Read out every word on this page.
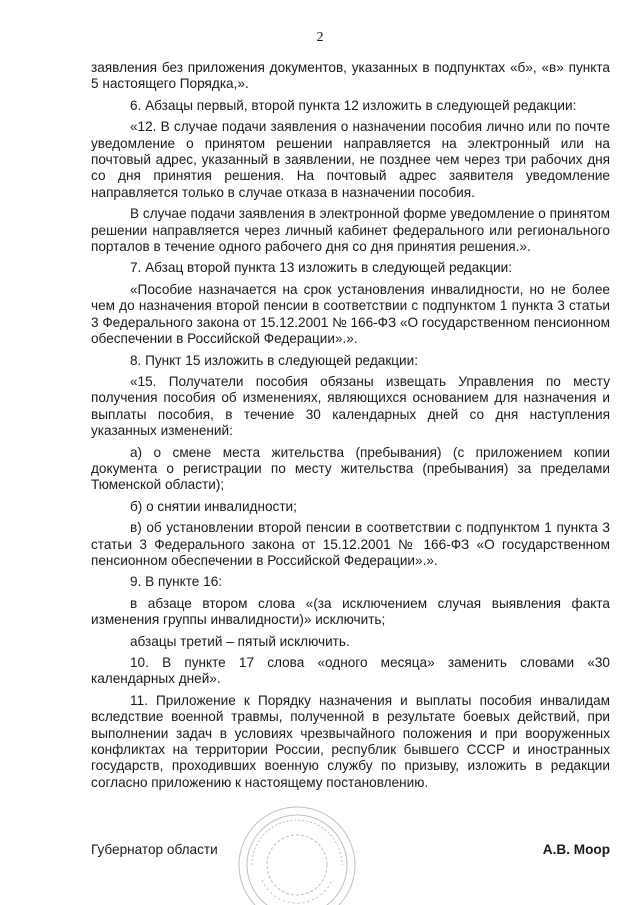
2

заявления без приложения документов, указанных в подпунктах «б», «в» пункта 5 настоящего Порядка,».

6. Абзацы первый, второй пункта 12 изложить в следующей редакции:

«12. В случае подачи заявления о назначении пособия лично или по почте уведомление о принятом решении направляется на электронный или на почтовый адрес, указанный в заявлении, не позднее чем через три рабочих дня со дня принятия решения. На почтовый адрес заявителя уведомление направляется только в случае отказа в назначении пособия.

В случае подачи заявления в электронной форме уведомление о принятом решении направляется через личный кабинет федерального или регионального порталов в течение одного рабочего дня со дня принятия решения.».

7. Абзац второй пункта 13 изложить в следующей редакции:

«Пособие назначается на срок установления инвалидности, но не более чем до назначения второй пенсии в соответствии с подпунктом 1 пункта 3 статьи 3 Федерального закона от 15.12.2001 № 166-ФЗ «О государственном пенсионном обеспечении в Российской Федерации».».

8. Пункт 15 изложить в следующей редакции:

«15. Получатели пособия обязаны извещать Управления по месту получения пособия об изменениях, являющихся основанием для назначения и выплаты пособия, в течение 30 календарных дней со дня наступления указанных изменений:

а) о смене места жительства (пребывания) (с приложением копии документа о регистрации по месту жительства (пребывания) за пределами Тюменской области);

б) о снятии инвалидности;

в) об установлении второй пенсии в соответствии с подпунктом 1 пункта 3 статьи 3 Федерального закона от 15.12.2001 № 166-ФЗ «О государственном пенсионном обеспечении в Российской Федерации».».

9. В пункте 16:

в абзаце втором слова «(за исключением случая выявления факта изменения группы инвалидности)» исключить;

абзацы третий – пятый исключить.

10. В пункте 17 слова «одного месяца» заменить словами «30 календарных дней».

11. Приложение к Порядку назначения и выплаты пособия инвалидам вследствие военной травмы, полученной в результате боевых действий, при выполнении задач в условиях чрезвычайного положения и при вооруженных конфликтах на территории России, республик бывшего СССР и иностранных государств, проходивших военную службу по призыву, изложить в редакции согласно приложению к настоящему постановлению.

Губернатор области	А.В. Моор
